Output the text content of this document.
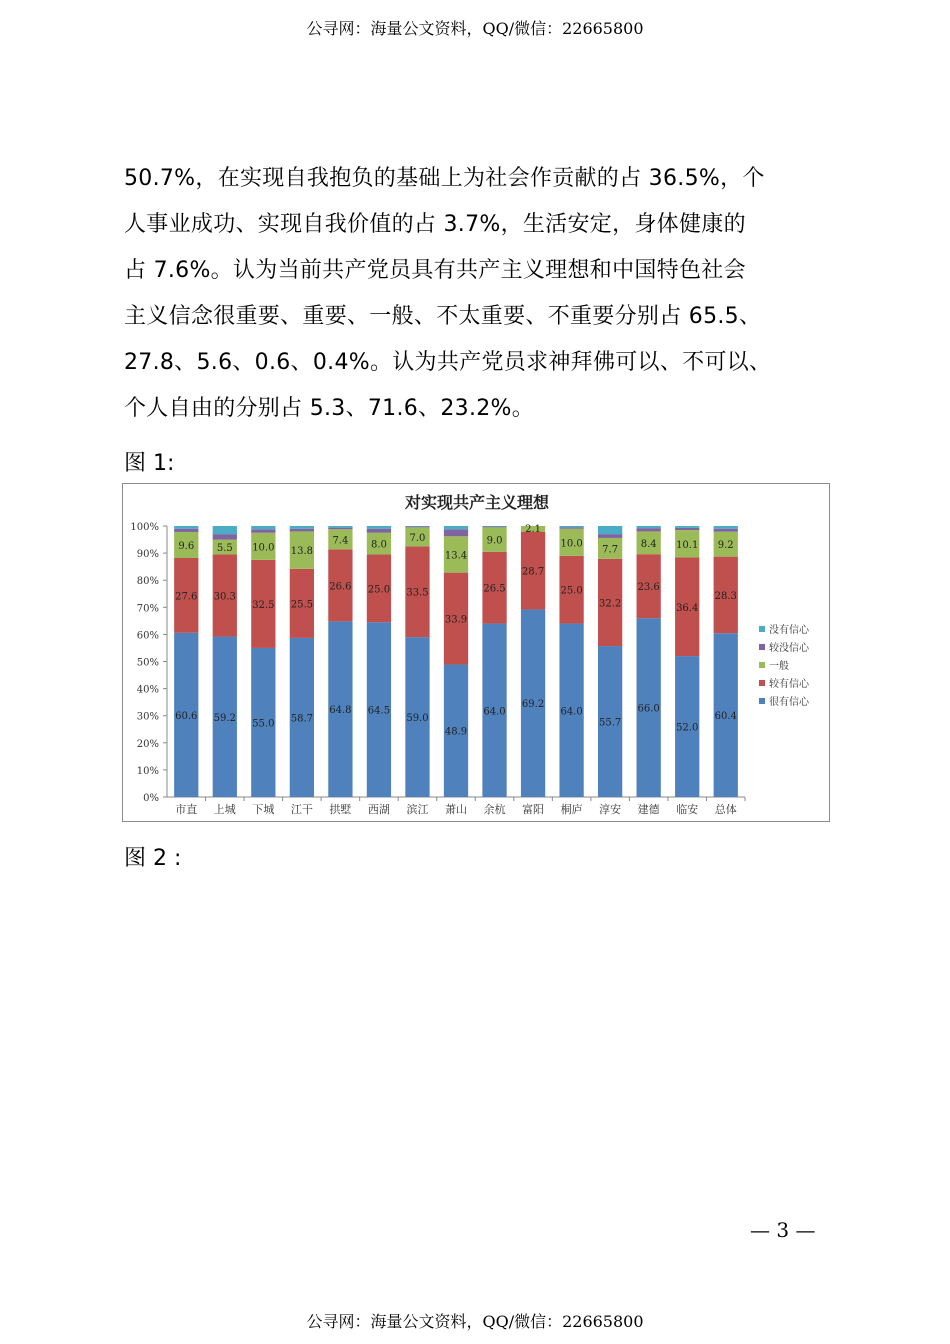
公寻网：海量公文资料，QQ/微信：22665800

50.7%，在实现自我抱负的基础上为社会作贡献的占 36.5%，个

人事业成功、实现自我价值的占 3.7%，生活安定，身体健康的

占 7.6%。认为当前共产党员具有共产主义理想和中国特色社会

主义信念很重要、重要、一般、不太重要、不重要分别占 65.5、

27.8、5.6、0.6、0.4%。认为共产党员求神拜佛可以、不可以、

个人自由的分别占 5.3、71.6、23.2%。

图 1:
对实现共产主义理想
0%
10%
20%
30%
40%
50%
60%
70%
80%
90%
100%
60.6
27.6
9.6
市直
59.2
30.3
5.5
上城
55.0
32.5
10.0
下城
58.7
25.5
13.8
江干
64.8
26.6
7.4
拱墅
64.5
25.0
8.0
西湖
59.0
33.5
7.0
滨江
48.9
33.9
13.4
萧山
64.0
26.5
9.0
余杭
69.2
28.7
2.1
富阳
64.0
25.0
10.0
桐庐
55.7
32.2
7.7
淳安
66.0
23.6
8.4
建德
52.0
36.4
10.1
临安
60.4
28.3
9.2
总体
没有信心
较没信心
一般
较有信心
很有信心
图 2 :
— 3 —
公寻网：海量公文资料，QQ/微信：22665800
